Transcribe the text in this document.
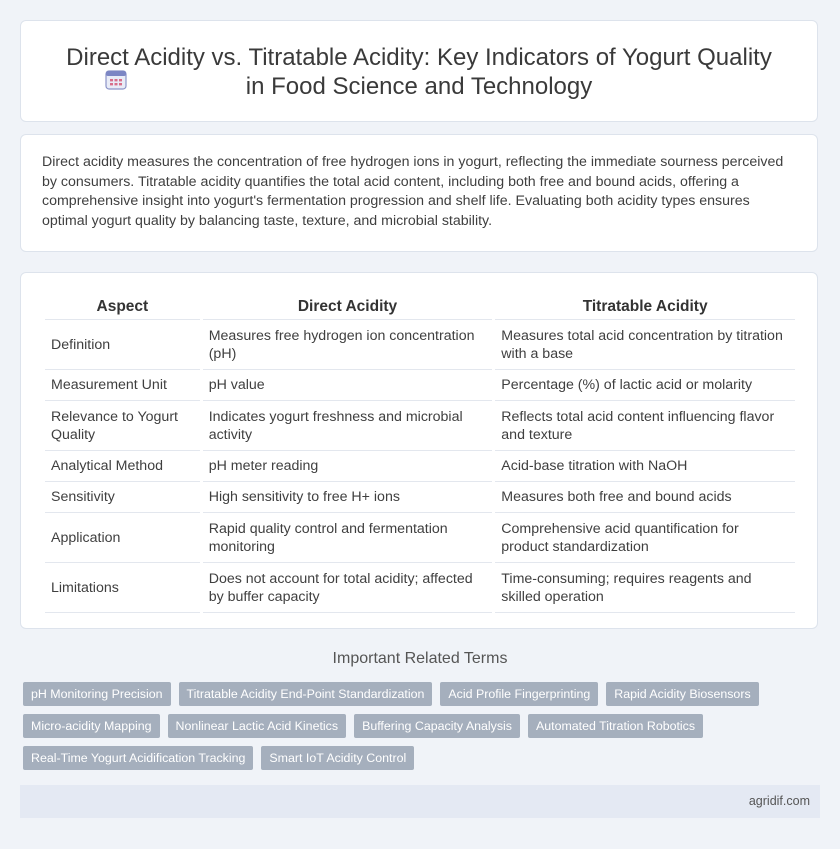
Direct Acidity vs. Titratable Acidity: Key Indicators of Yogurt Quality in Food Science and Technology
Direct acidity measures the concentration of free hydrogen ions in yogurt, reflecting the immediate sourness perceived by consumers. Titratable acidity quantifies the total acid content, including both free and bound acids, offering a comprehensive insight into yogurt's fermentation progression and shelf life. Evaluating both acidity types ensures optimal yogurt quality by balancing taste, texture, and microbial stability.
Aspect	Direct Acidity	Titratable Acidity
Definition	Measures free hydrogen ion concentration (pH)	Measures total acid concentration by titration with a base
Measurement Unit	pH value	Percentage (%) of lactic acid or molarity
Relevance to Yogurt Quality	Indicates yogurt freshness and microbial activity	Reflects total acid content influencing flavor and texture
Analytical Method	pH meter reading	Acid-base titration with NaOH
Sensitivity	High sensitivity to free H+ ions	Measures both free and bound acids
Application	Rapid quality control and fermentation monitoring	Comprehensive acid quantification for product standardization
Limitations	Does not account for total acidity; affected by buffer capacity	Time-consuming; requires reagents and skilled operation
Important Related Terms
pH Monitoring Precision	Titratable Acidity End-Point Standardization	Acid Profile Fingerprinting	Rapid Acidity Biosensors
Micro-acidity Mapping	Nonlinear Lactic Acid Kinetics	Buffering Capacity Analysis	Automated Titration Robotics
Real-Time Yogurt Acidification Tracking	Smart IoT Acidity Control
agridif.com
